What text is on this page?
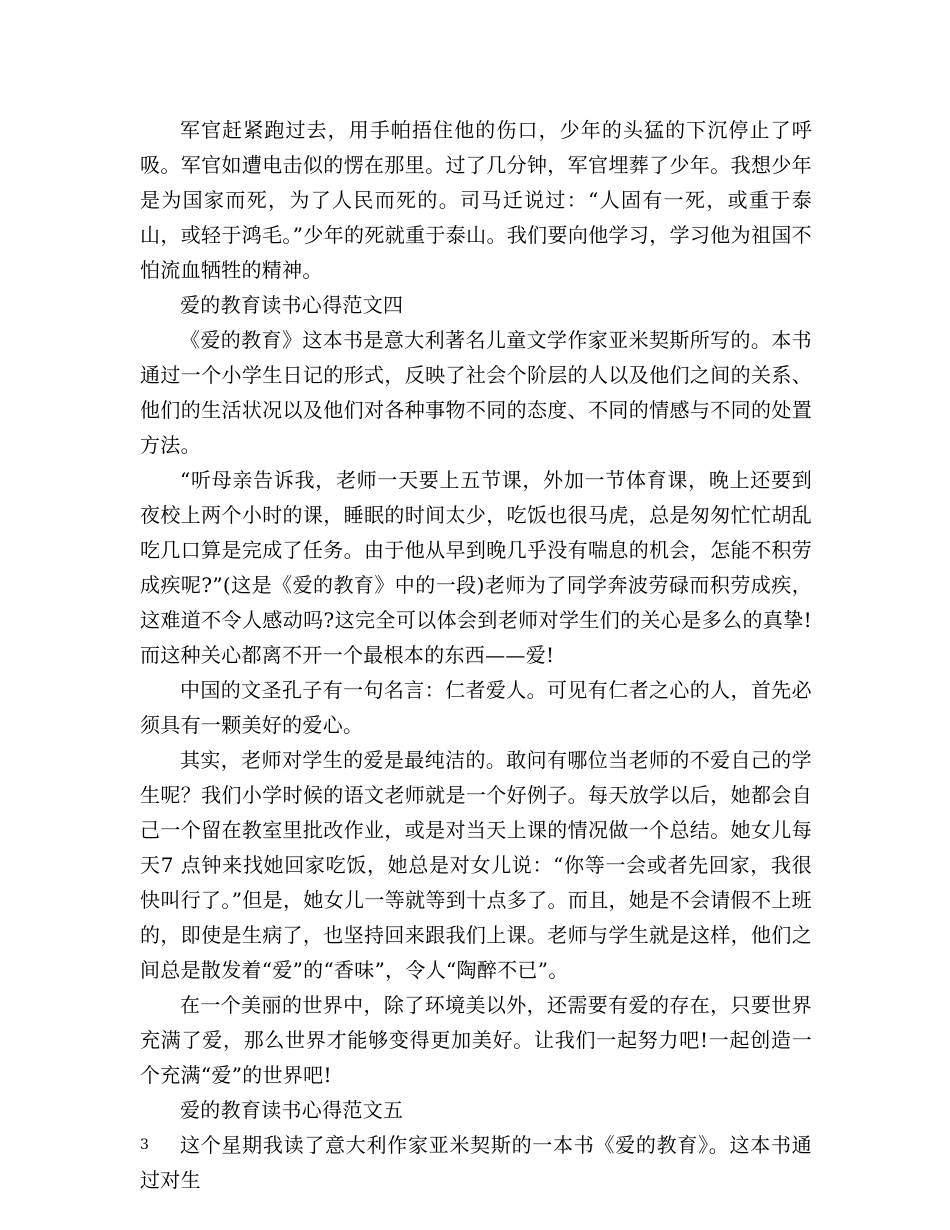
军官赶紧跑过去，用手帕捂住他的伤口，少年的头猛的下沉停止了呼吸。军官如遭电击似的愣在那里。过了几分钟，军官埋葬了少年。我想少年是为国家而死，为了人民而死的。司马迁说过：“人固有一死，或重于泰山，或轻于鸿毛。”少年的死就重于泰山。我们要向他学习，学习他为祖国不怕流血牺牲的精神。

爱的教育读书心得范文四

《爱的教育》这本书是意大利著名儿童文学作家亚米契斯所写的。本书通过一个小学生日记的形式，反映了社会个阶层的人以及他们之间的关系、他们的生活状况以及他们对各种事物不同的态度、不同的情感与不同的处置方法。

“听母亲告诉我，老师一天要上五节课，外加一节体育课，晚上还要到夜校上两个小时的课，睡眠的时间太少，吃饭也很马虎，总是匆匆忙忙胡乱吃几口算是完成了任务。由于他从早到晚几乎没有喘息的机会，怎能不积劳成疾呢?”(这是《爱的教育》中的一段)老师为了同学奔波劳碌而积劳成疾，这难道不令人感动吗?这完全可以体会到老师对学生们的关心是多么的真挚!而这种关心都离不开一个最根本的东西——爱!

中国的文圣孔子有一句名言：仁者爱人。可见有仁者之心的人，首先必须具有一颗美好的爱心。

其实，老师对学生的爱是最纯洁的。敢问有哪位当老师的不爱自己的学生呢？我们小学时候的语文老师就是一个好例子。每天放学以后，她都会自己一个留在教室里批改作业，或是对当天上课的情况做一个总结。她女儿每天7 点钟来找她回家吃饭，她总是对女儿说：“你等一会或者先回家，我很快叫行了。”但是，她女儿一等就等到十点多了。而且，她是不会请假不上班的，即使是生病了，也坚持回来跟我们上课。老师与学生就是这样，他们之间总是散发着“爱”的“香味”，令人“陶醉不已”。

在一个美丽的世界中，除了环境美以外，还需要有爱的存在，只要世界充满了爱，那么世界才能够变得更加美好。让我们一起努力吧!一起创造一个充满“爱”的世界吧!

爱的教育读书心得范文五

这个星期我读了意大利作家亚米契斯的一本书《爱的教育》。这本书通过对生

3
